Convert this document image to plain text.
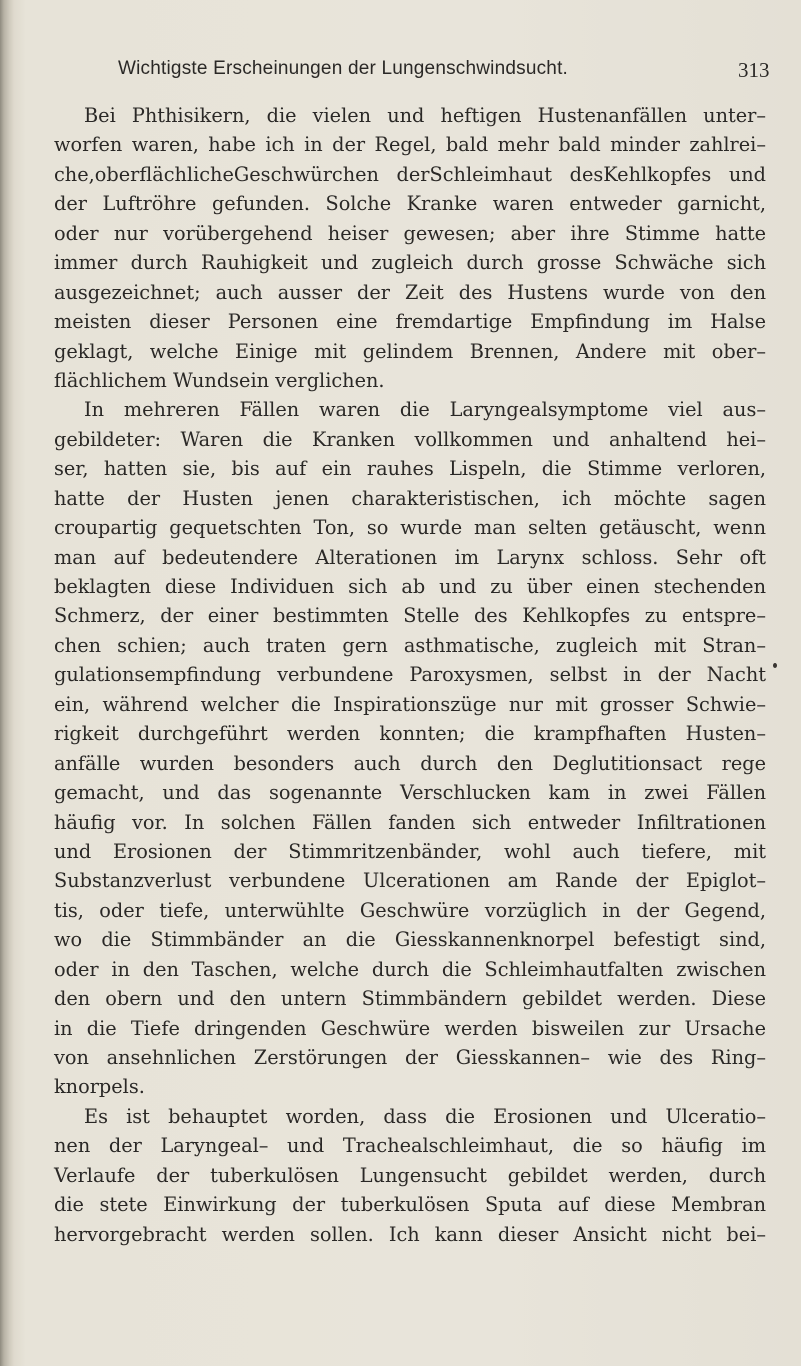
Wichtigste Erscheinungen der Lungenschwindsucht.	313
Bei Phthisikern, die vielen und heftigen Hustenanfällen unter–
worfen waren, habe ich in der Regel, bald mehr bald minder zahlrei–
che,oberflächlicheGeschwürchen derSchleimhaut desKehlkopfes und
der Luftröhre gefunden. Solche Kranke waren entweder garnicht,
oder nur vorübergehend heiser gewesen; aber ihre Stimme hatte
immer durch Rauhigkeit und zugleich durch grosse Schwäche sich
ausgezeichnet; auch ausser der Zeit des Hustens wurde von den
meisten dieser Personen eine fremdartige Empfindung im Halse
geklagt, welche Einige mit gelindem Brennen, Andere mit ober–
flächlichem Wundsein verglichen.
In mehreren Fällen waren die Laryngealsymptome viel aus–
gebildeter: Waren die Kranken vollkommen und anhaltend hei–
ser, hatten sie, bis auf ein rauhes Lispeln, die Stimme verloren,
hatte der Husten jenen charakteristischen, ich möchte sagen
croupartig gequetschten Ton, so wurde man selten getäuscht, wenn
man auf bedeutendere Alterationen im Larynx schloss. Sehr oft
beklagten diese Individuen sich ab und zu über einen stechenden
Schmerz, der einer bestimmten Stelle des Kehlkopfes zu entspre–
chen schien; auch traten gern asthmatische, zugleich mit Stran–
gulationsempfindung verbundene Paroxysmen, selbst in der Nacht
ein, während welcher die Inspirationszüge nur mit grosser Schwie–
rigkeit durchgeführt werden konnten; die krampfhaften Husten–
anfälle wurden besonders auch durch den Deglutitionsact rege
gemacht, und das sogenannte Verschlucken kam in zwei Fällen
häufig vor. In solchen Fällen fanden sich entweder Infiltrationen
und Erosionen der Stimmritzenbänder, wohl auch tiefere, mit
Substanzverlust verbundene Ulcerationen am Rande der Epiglot–
tis, oder tiefe, unterwühlte Geschwüre vorzüglich in der Gegend,
wo die Stimmbänder an die Giesskannenknorpel befestigt sind,
oder in den Taschen, welche durch die Schleimhautfalten zwischen
den obern und den untern Stimmbändern gebildet werden. Diese
in die Tiefe dringenden Geschwüre werden bisweilen zur Ursache
von ansehnlichen Zerstörungen der Giesskannen– wie des Ring–
knorpels.
Es ist behauptet worden, dass die Erosionen und Ulceratio–
nen der Laryngeal– und Trachealschleimhaut, die so häufig im
Verlaufe der tuberkulösen Lungensucht gebildet werden, durch
die stete Einwirkung der tuberkulösen Sputa auf diese Membran
hervorgebracht werden sollen. Ich kann dieser Ansicht nicht bei–
